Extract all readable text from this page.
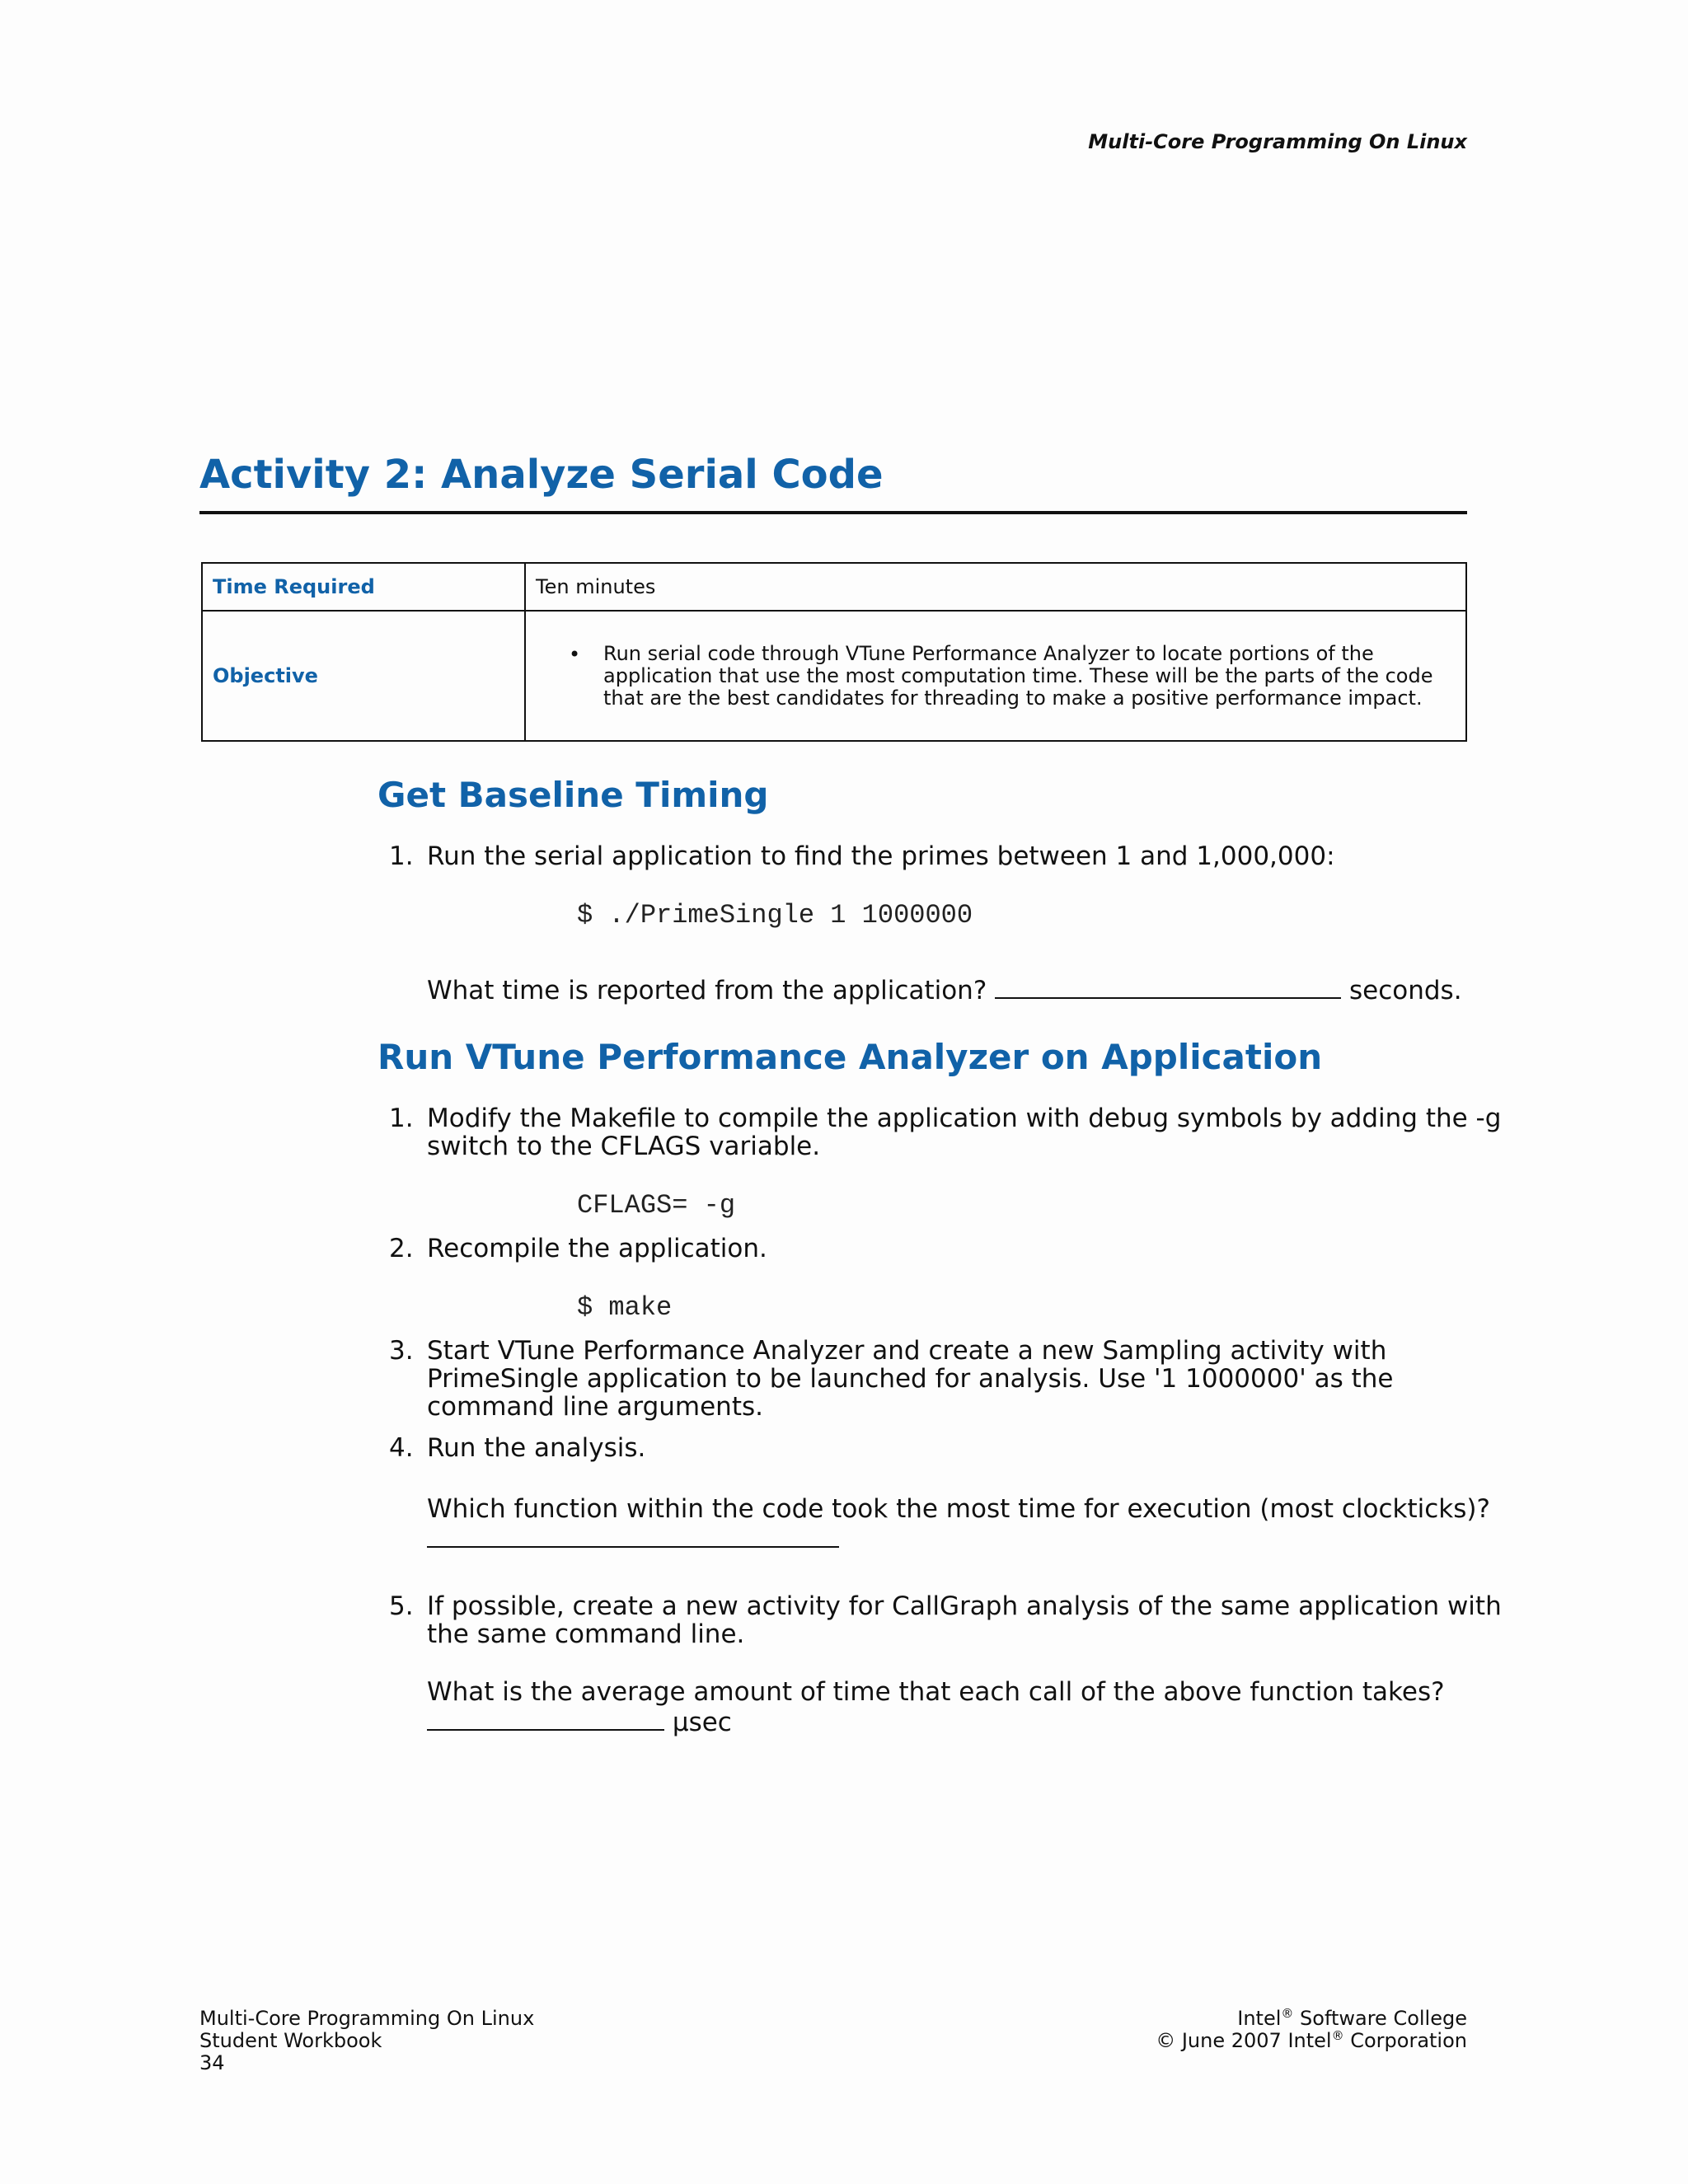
Multi-Core Programming On Linux
Activity 2: Analyze Serial Code
Time Required	Ten minutes
Objective	• Run serial code through VTune Performance Analyzer to locate portions of the application that use the most computation time. These will be the parts of the code that are the best candidates for threading to make a positive performance impact.
Get Baseline Timing
1. Run the serial application to find the primes between 1 and 1,000,000:
$ ./PrimeSingle 1 1000000
What time is reported from the application?	seconds.
Run VTune Performance Analyzer on Application
1. Modify the Makefile to compile the application with debug symbols by adding the -g
switch to the CFLAGS variable.
CFLAGS= -g
2. Recompile the application.
$ make
3. Start VTune Performance Analyzer and create a new Sampling activity with
PrimeSingle application to be launched for analysis. Use '1 1000000' as the
command line arguments.
4. Run the analysis.
Which function within the code took the most time for execution (most clockticks)?
5. If possible, create a new activity for CallGraph analysis of the same application with
the same command line.
What is the average amount of time that each call of the above function takes?
µsec
Multi-Core Programming On Linux
Student Workbook
34
Intel® Software College
© June 2007 Intel® Corporation
